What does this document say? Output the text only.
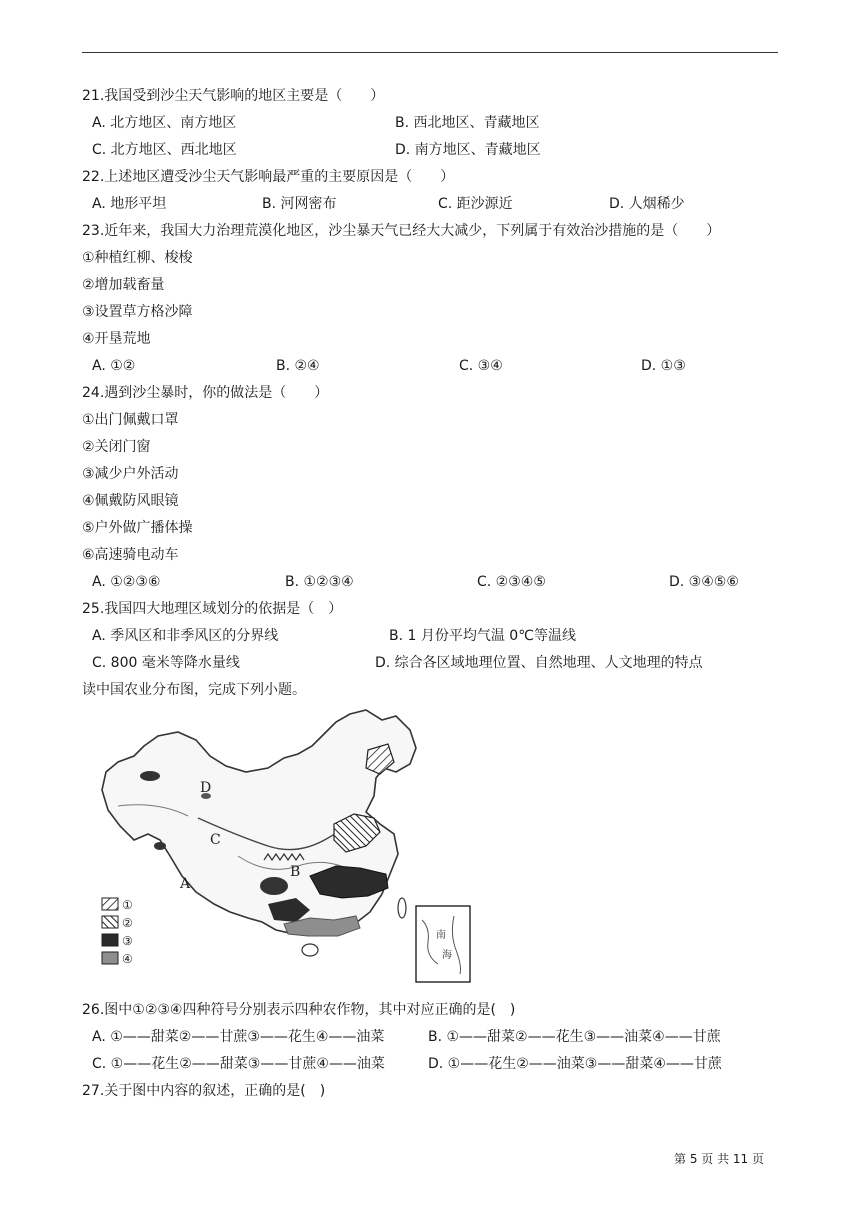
21.我国受到沙尘天气影响的地区主要是（　　）
A. 北方地区、南方地区	B. 西北地区、青藏地区
C. 北方地区、西北地区	D. 南方地区、青藏地区
22.上述地区遭受沙尘天气影响最严重的主要原因是（　　）
A. 地形平坦	B. 河网密布	C. 距沙源近	D. 人烟稀少
23.近年来，我国大力治理荒漠化地区，沙尘暴天气已经大大减少，下列属于有效治沙措施的是（　　）
①种植红柳、梭梭
②增加载畜量
③设置草方格沙障
④开垦荒地
A. ①②	B. ②④	C. ③④	D. ①③
24.遇到沙尘暴时，你的做法是（　　）
①出门佩戴口罩
②关闭门窗
③减少户外活动
④佩戴防风眼镜
⑤户外做广播体操
⑥高速骑电动车
A. ①②③⑥	B. ①②③④	C. ②③④⑤	D. ③④⑤⑥
25.我国四大地理区域划分的依据是（　）
A. 季风区和非季风区的分界线	B. 1 月份平均气温 0℃等温线
C. 800 毫米等降水量线	D. 综合各区域地理位置、自然地理、人文地理的特点
读中国农业分布图，完成下列小题。
D
C
B
A
①
②
③
④
南
海
26.图中①②③④四种符号分别表示四种农作物，其中对应正确的是(　)
A. ①——甜菜②——甘蔗③——花生④——油菜	B. ①——甜菜②——花生③——油菜④——甘蔗
C. ①——花生②——甜菜③——甘蔗④——油菜	D. ①——花生②——油菜③——甜菜④——甘蔗
27.关于图中内容的叙述，正确的是(　)
第 5 页 共 11 页
